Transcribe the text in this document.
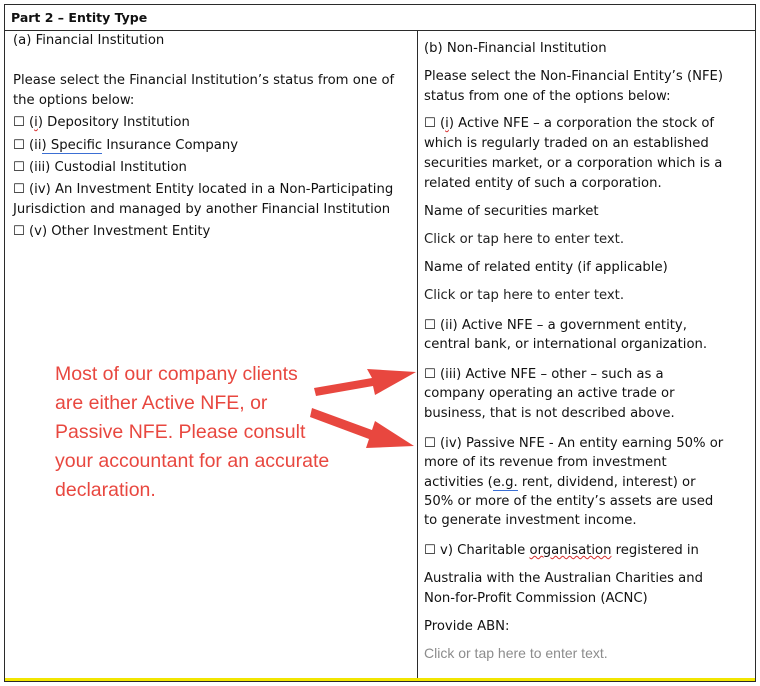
Part 2 – Entity Type
(a) Financial Institution
Please select the Financial Institution’s status from one of
the options below:
☐ (i) Depository Institution
☐ (ii) Specific Insurance Company
☐ (iii) Custodial Institution
☐ (iv) An Investment Entity located in a Non-Participating
Jurisdiction and managed by another Financial Institution
☐ (v) Other Investment Entity
(b) Non-Financial Institution
Please select the Non-Financial Entity’s (NFE)
status from one of the options below:
☐ (i) Active NFE – a corporation the stock of
which is regularly traded on an established
securities market, or a corporation which is a
related entity of such a corporation.
Name of securities market
Click or tap here to enter text.
Name of related entity (if applicable)
Click or tap here to enter text.
☐ (ii) Active NFE – a government entity,
central bank, or international organization.
☐ (iii) Active NFE – other – such as a
company operating an active trade or
business, that is not described above.
☐ (iv) Passive NFE - An entity earning 50% or
more of its revenue from investment
activities (e.g. rent, dividend, interest) or
50% or more of the entity’s assets are used
to generate investment income.
☐ v) Charitable organisation registered in
Australia with the Australian Charities and
Non-for-Profit Commission (ACNC)
Provide ABN:
Click or tap here to enter text.
Most of our company clients
are either Active NFE, or
Passive NFE. Please consult
your accountant for an accurate
declaration.
